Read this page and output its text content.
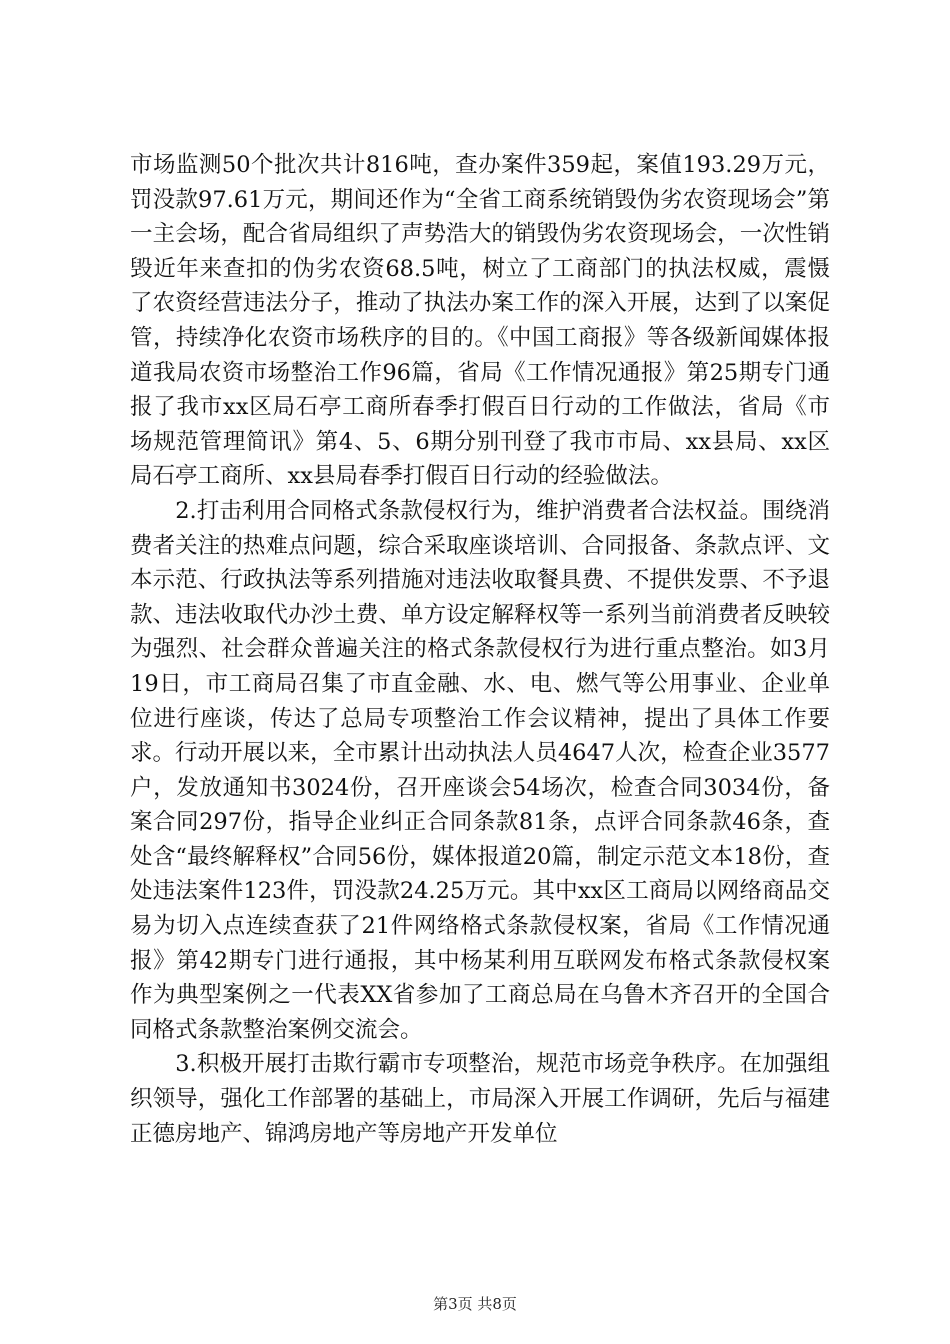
市场监测50个批次共计816吨，查办案件359起，案值193.29万元，罚没款97.61万元，期间还作为“全省工商系统销毁伪劣农资现场会”第一主会场，配合省局组织了声势浩大的销毁伪劣农资现场会，一次性销毁近年来查扣的伪劣农资68.5吨，树立了工商部门的执法权威，震慑了农资经营违法分子，推动了执法办案工作的深入开展，达到了以案促管，持续净化农资市场秩序的目的。《中国工商报》等各级新闻媒体报道我局农资市场整治工作96篇，省局《工作情况通报》第25期专门通报了我市xx区局石亭工商所春季打假百日行动的工作做法，省局《市场规范管理简讯》第4、5、6期分别刊登了我市市局、xx县局、xx区局石亭工商所、xx县局春季打假百日行动的经验做法。

　　2.打击利用合同格式条款侵权行为，维护消费者合法权益。围绕消费者关注的热难点问题，综合采取座谈培训、合同报备、条款点评、文本示范、行政执法等系列措施对违法收取餐具费、不提供发票、不予退款、违法收取代办沙土费、单方设定解释权等一系列当前消费者反映较为强烈、社会群众普遍关注的格式条款侵权行为进行重点整治。如3月19日，市工商局召集了市直金融、水、电、燃气等公用事业、企业单位进行座谈，传达了总局专项整治工作会议精神，提出了具体工作要求。行动开展以来，全市累计出动执法人员4647人次，检查企业3577户，发放通知书3024份，召开座谈会54场次，检查合同3034份，备案合同297份，指导企业纠正合同条款81条，点评合同条款46条，查处含“最终解释权”合同56份，媒体报道20篇，制定示范文本18份，查处违法案件123件，罚没款24.25万元。其中xx区工商局以网络商品交易为切入点连续查获了21件网络格式条款侵权案，省局《工作情况通报》第42期专门进行通报，其中杨某利用互联网发布格式条款侵权案作为典型案例之一代表XX省参加了工商总局在乌鲁木齐召开的全国合同格式条款整治案例交流会。

　　3.积极开展打击欺行霸市专项整治，规范市场竞争秩序。在加强组织领导，强化工作部署的基础上，市局深入开展工作调研，先后与福建正德房地产、锦鸿房地产等房地产开发单位

第3页 共8页
